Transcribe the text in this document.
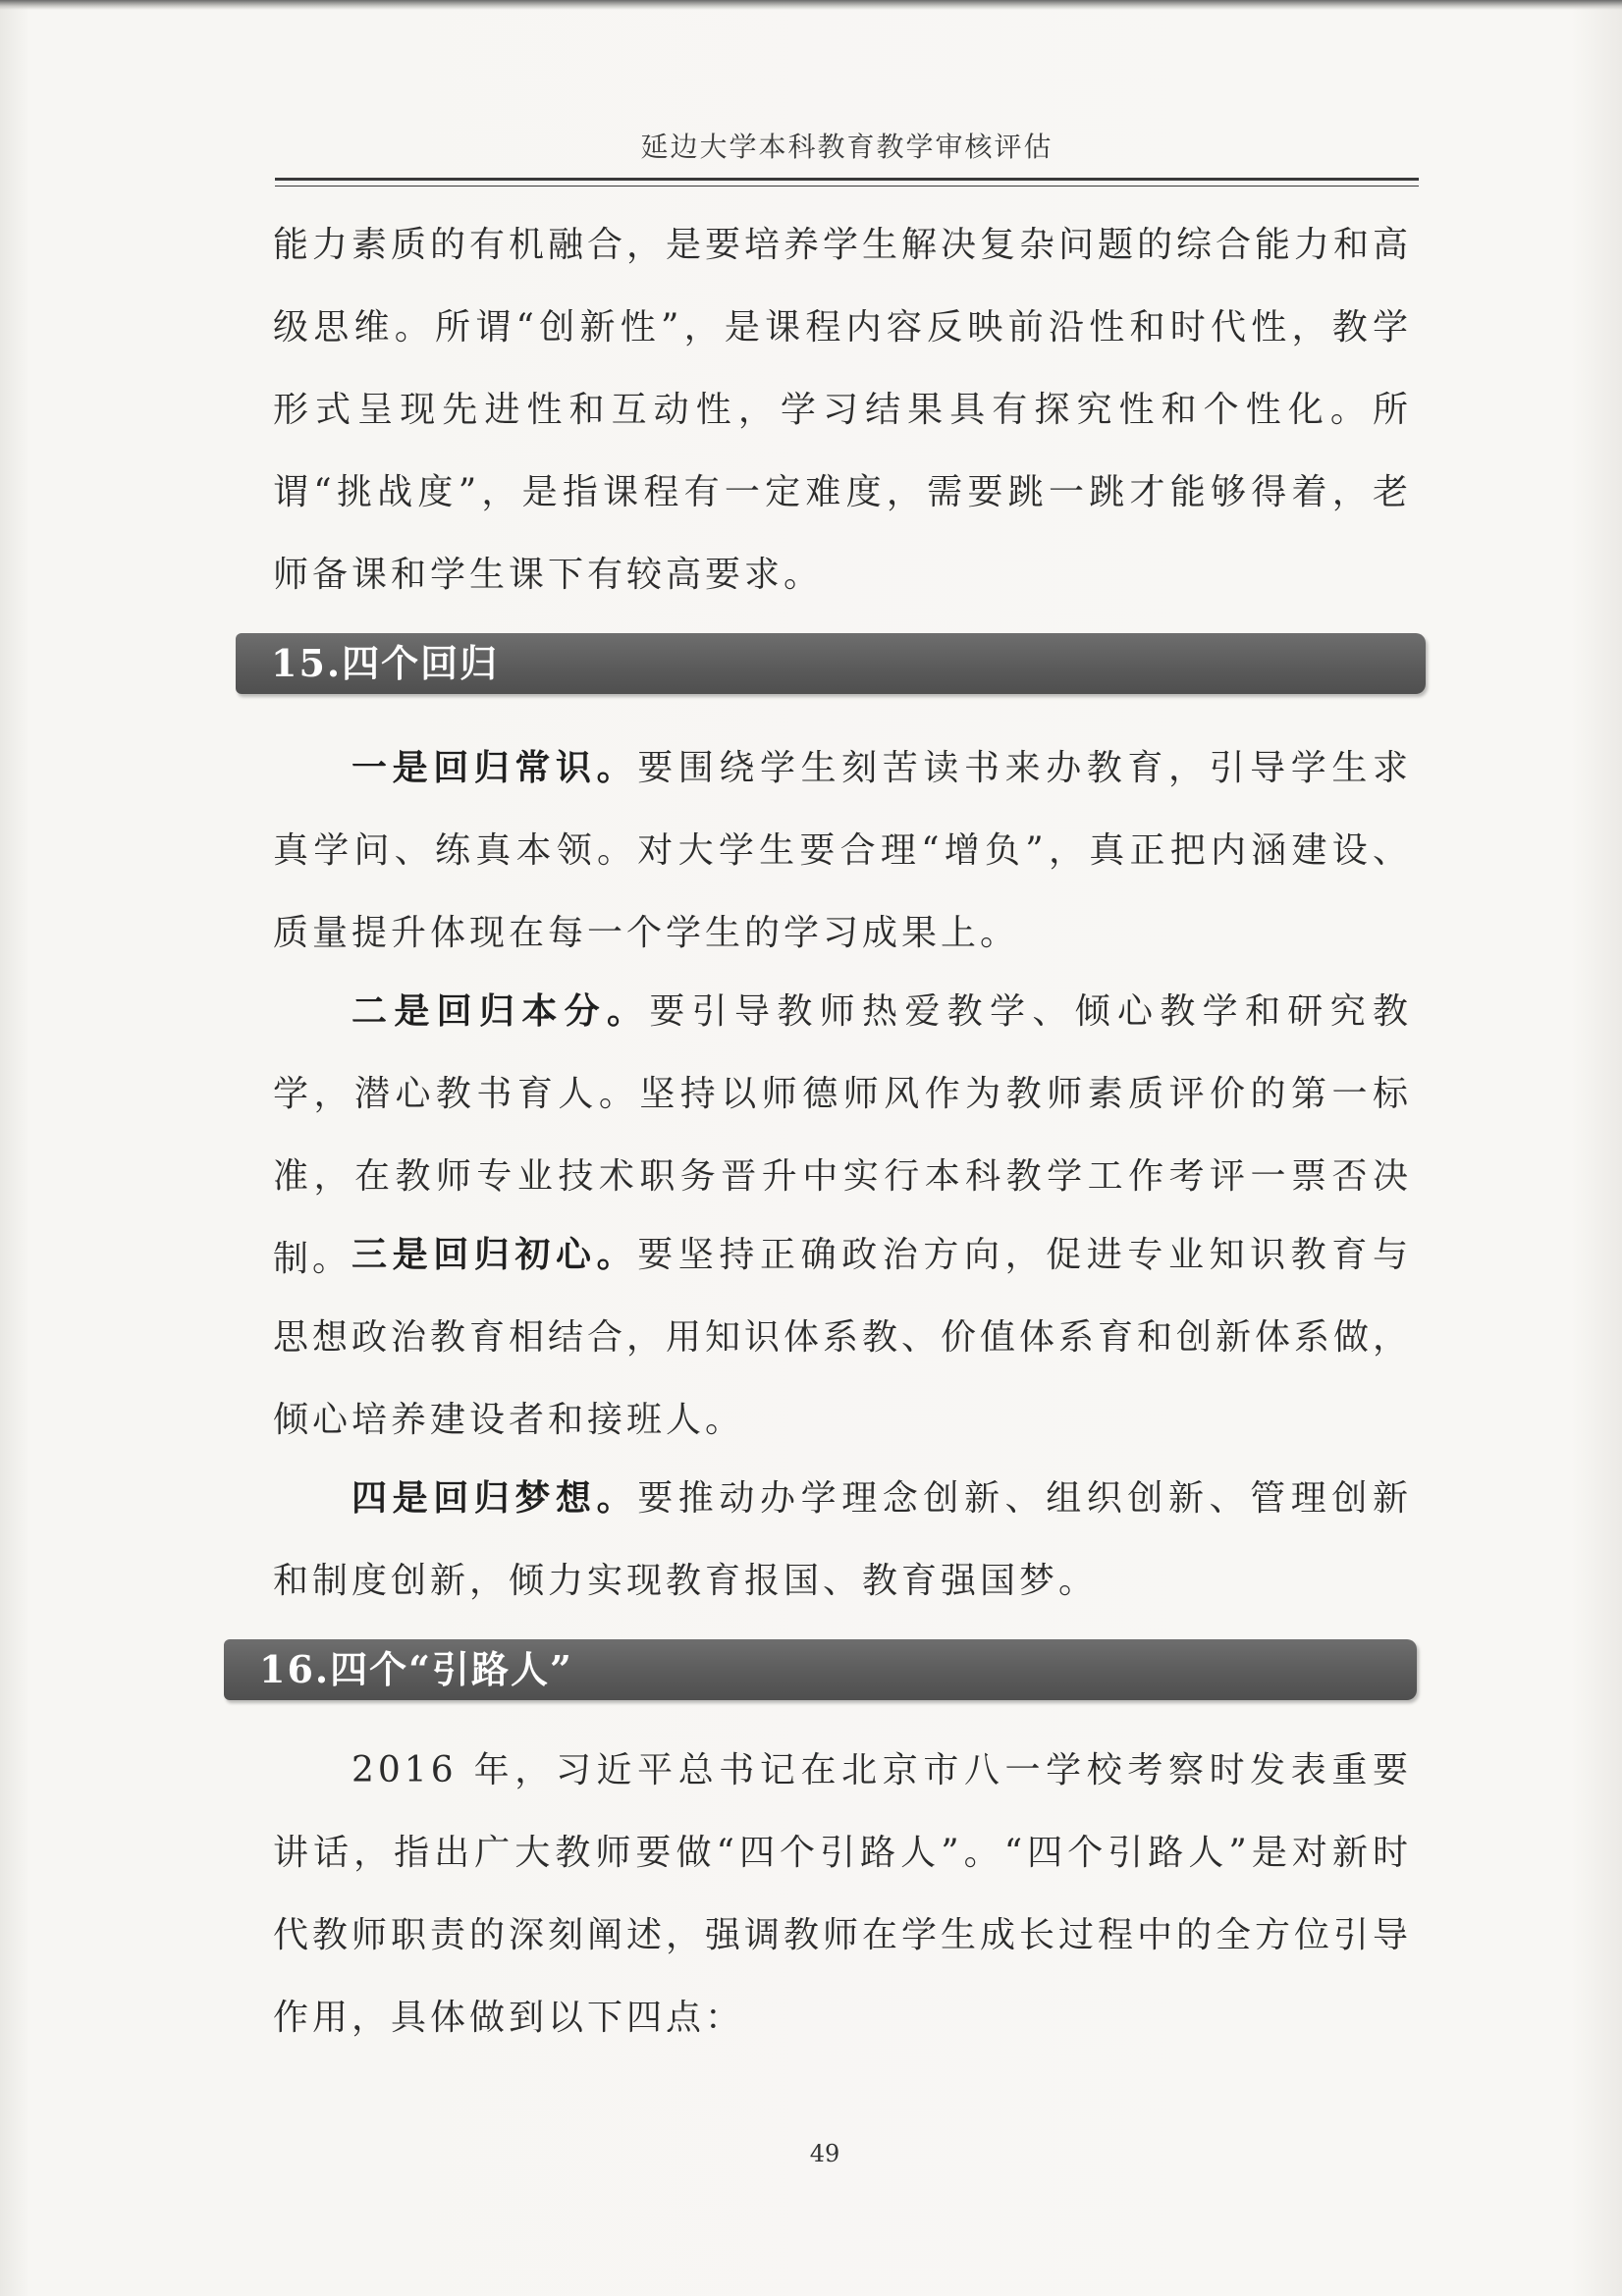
延边大学本科教育教学审核评估

能力素质的有机融合，是要培养学生解决复杂问题的综合能力和高级思维。所谓“创新性”，是课程内容反映前沿性和时代性，教学形式呈现先进性和互动性，学习结果具有探究性和个性化。所谓“挑战度”，是指课程有一定难度，需要跳一跳才能够得着，老师备课和学生课下有较高要求。

15.四个回归

一是回归常识。要围绕学生刻苦读书来办教育，引导学生求真学问、练真本领。对大学生要合理“增负”，真正把内涵建设、质量提升体现在每一个学生的学习成果上。

二是回归本分。要引导教师热爱教学、倾心教学和研究教学，潜心教书育人。坚持以师德师风作为教师素质评价的第一标准，在教师专业技术职务晋升中实行本科教学工作考评一票否决制。 三是回归初心。要坚持正确政治方向，促进专业知识教育与思想政治教育相结合，用知识体系教、价值体系育和创新体系做，倾心培养建设者和接班人。

四是回归梦想。要推动办学理念创新、组织创新、管理创新和制度创新，倾力实现教育报国、教育强国梦。

16.四个“引路人”

2016 年，习近平总书记在北京市八一学校考察时发表重要讲话，指出广大教师要做“四个引路人”。“四个引路人”是对新时代教师职责的深刻阐述，强调教师在学生成长过程中的全方位引导作用，具体做到以下四点：

49
